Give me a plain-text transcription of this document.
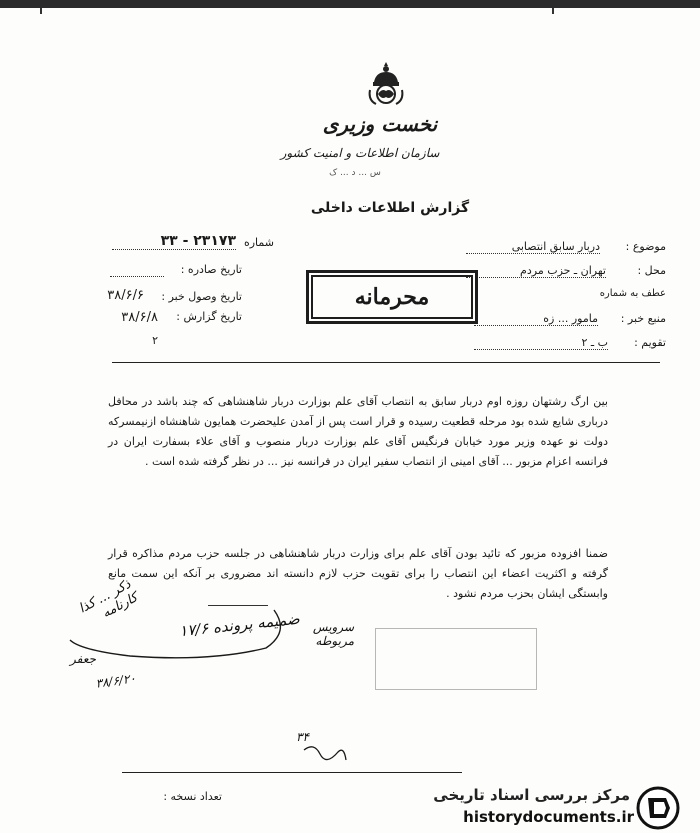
نخست وزیری
سازمان اطلاعات و امنیت کشور
س ... د ... ک
گزارش اطلاعات داخلی
شماره
۲۳۱۷۳ - ۳۳
تاریخ صادره :
تاریخ وصول خبر :
۳۸/۶/۶
تاریخ گزارش :
۳۸/۶/۸
۲
موضوع :
دربار سابق انتصابی
محل :
تهران ـ حزب مردم
عطف به شماره
منبع خبر :
مامور ... زه
تقویم :
ب ـ ۲
محرمانه
بین ارگ رشتهان روزه اوم دربار سابق به انتصاب آقای علم بوزارت دربار شاهنشاهی که چند باشد در محافل درباری شایع شده بود مرحله قطعیت رسیده و قرار است پس از آمدن علیحضرت همایون شاهنشاه ازنیمسرکه دولت نو عهده وزیر مورد خیابان فرنگیس آقای علم بوزارت دربار منصوب و آقای علاء بسفارت ایران در فرانسه اعزام مزبور ... آقای امینی از انتصاب سفیر ایران در فرانسه نیز ... در نظر گرفته شده است .
ضمنا افزوده مزبور که تائید بودن آقای علم برای وزارت دربار شاهنشاهی در جلسه حزب مردم مذاکره قرار گرفته و اکثریت اعضاء این انتصاب را برای تقویت حزب لازم دانسته اند مضروری بر آنکه این سمت مانع وابستگی ایشان بحزب مردم نشود .
ذکر ... کذا کارنامه
ضمیمه پرونده ۱۷/۶	سرویس مربوطه
جعفر
۳۸/۶/۲۰
۳۴
تعداد نسخه :	مرکز بررسی اسناد تاریخی
historydocuments.ir
